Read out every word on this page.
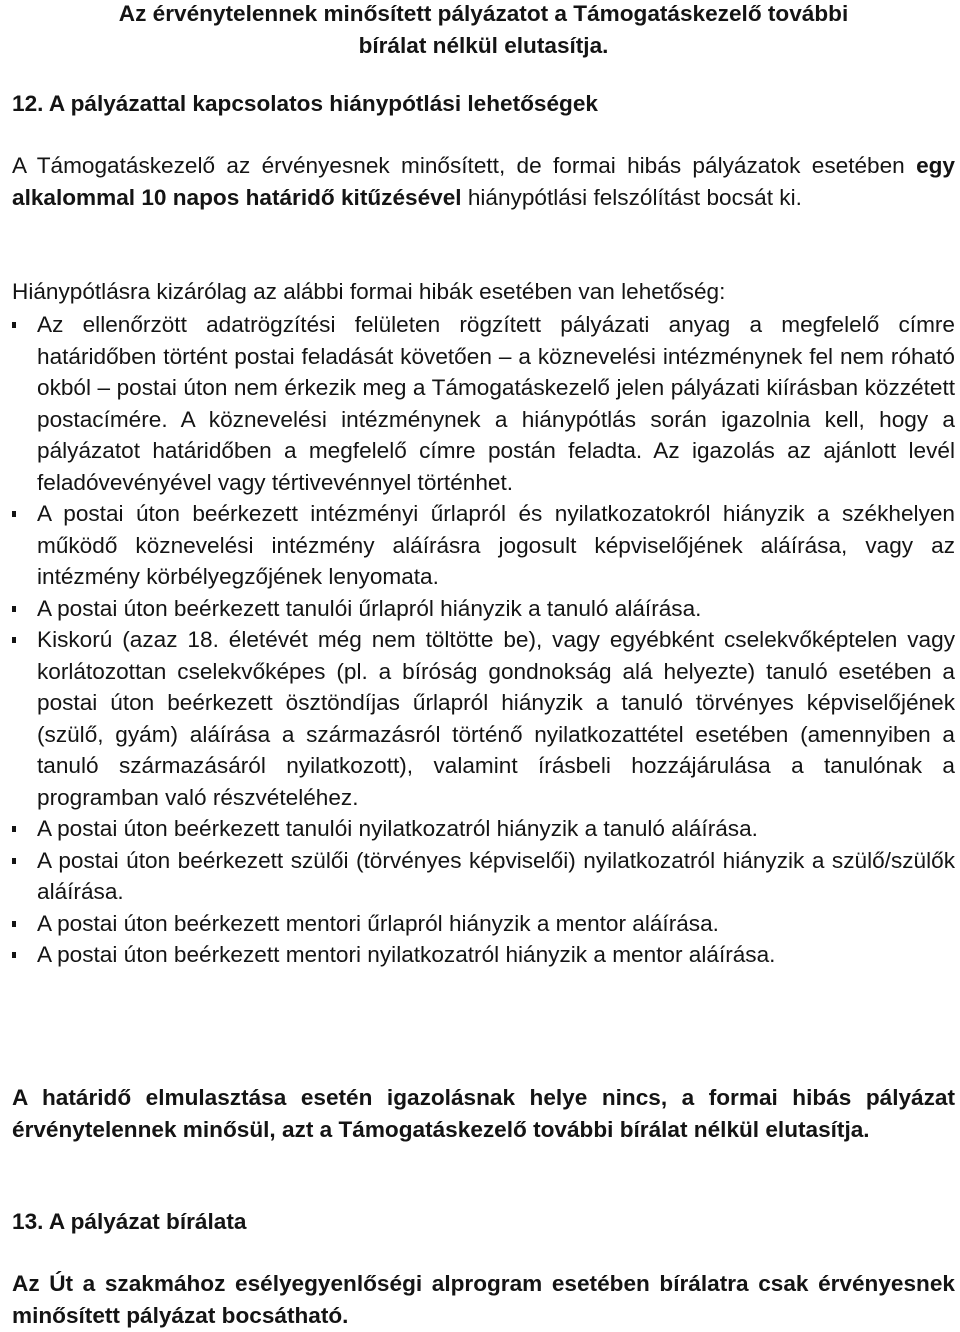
Az érvénytelennek minősített pályázatot a Támogatáskezelő további

bírálat nélkül elutasítja.

12. A pályázattal kapcsolatos hiánypótlási lehetőségek

A Támogatáskezelő az érvényesnek minősített, de formai hibás pályázatok esetében egy alkalommal 10 napos határidő kitűzésével hiánypótlási felszólítást bocsát ki.

Hiánypótlásra kizárólag az alábbi formai hibák esetében van lehetőség:

Az ellenőrzött adatrögzítési felületen rögzített pályázati anyag a megfelelő címre határidőben történt postai feladását követően – a köznevelési intézménynek fel nem róható okból – postai úton nem érkezik meg a Támogatáskezelő jelen pályázati kiírásban közzétett postacímére. A köznevelési intézménynek a hiánypótlás során igazolnia kell, hogy a pályázatot határidőben a megfelelő címre postán feladta. Az igazolás az ajánlott levél feladóvevényével vagy tértivevénnyel történhet.
A postai úton beérkezett intézményi űrlapról és nyilatkozatokról hiányzik a székhelyen működő köznevelési intézmény aláírásra jogosult képviselőjének aláírása, vagy az intézmény körbélyegzőjének lenyomata.
A postai úton beérkezett tanulói űrlapról hiányzik a tanuló aláírása.
Kiskorú (azaz 18. életévét még nem töltötte be), vagy egyébként cselekvőképtelen vagy korlátozottan cselekvőképes (pl. a bíróság gondnokság alá helyezte) tanuló esetében a postai úton beérkezett ösztöndíjas űrlapról hiányzik a tanuló törvényes képviselőjének (szülő, gyám) aláírása a származásról történő nyilatkozattétel esetében (amennyiben a tanuló származásáról nyilatkozott), valamint írásbeli hozzájárulása a tanulónak a programban való részvételéhez.
A postai úton beérkezett tanulói nyilatkozatról hiányzik a tanuló aláírása.
A postai úton beérkezett szülői (törvényes képviselői) nyilatkozatról hiányzik a szülő/szülők aláírása.
A postai úton beérkezett mentori űrlapról hiányzik a mentor aláírása.
A postai úton beérkezett mentori nyilatkozatról hiányzik a mentor aláírása.

A határidő elmulasztása esetén igazolásnak helye nincs, a formai hibás pályázat érvénytelennek minősül, azt a Támogatáskezelő további bírálat nélkül elutasítja.

13. A pályázat bírálata

Az Út a szakmához esélyegyenlőségi alprogram esetében bírálatra csak érvényesnek minősített pályázat bocsátható.
